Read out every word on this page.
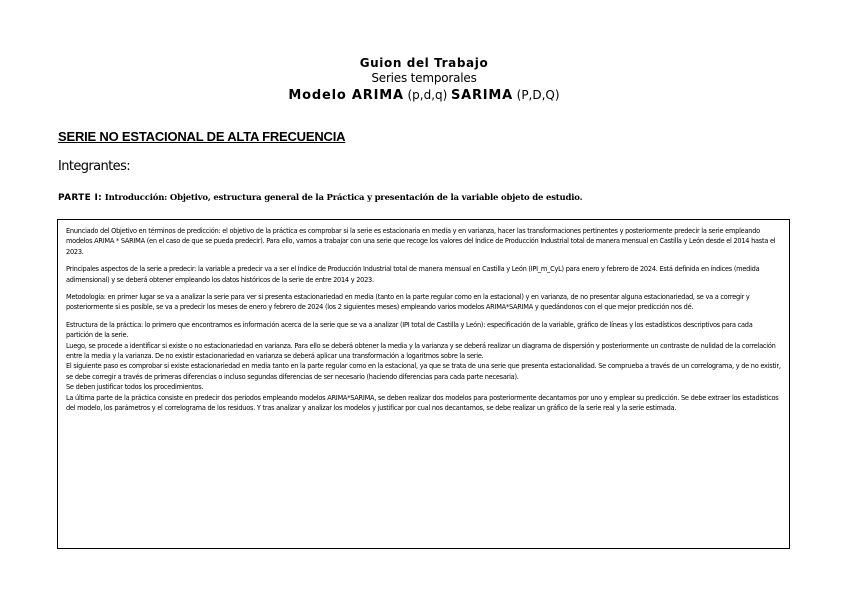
Guion del Trabajo
Series temporales
Modelo ARIMA (p,d,q) SARIMA (P,D,Q)
SERIE NO ESTACIONAL DE ALTA FRECUENCIA
Integrantes:
PARTE I: Introducción: Objetivo, estructura general de la Práctica y presentación de la variable objeto de estudio.

Enunciado del Objetivo en términos de predicción: el objetivo de la práctica es comprobar si la serie es estacionaria en media y en varianza, hacer las transformaciones pertinentes y posteriormente predecir la serie empleando modelos ARIMA * SARIMA (en el caso de que se pueda predecir). Para ello, vamos a trabajar con una serie que recoge los valores del Índice de Producción Industrial total de manera mensual en Castilla y León desde el 2014 hasta el 2023.

Principales aspectos de la serie a predecir: la variable a predecir va a ser el Índice de Producción Industrial total de manera mensual en Castilla y León (IPI_m_CyL) para enero y febrero de 2024. Está definida en índices (medida adimensional) y se deberá obtener empleando los datos históricos de la serie de entre 2014 y 2023.

Metodología: en primer lugar se va a analizar la serie para ver si presenta estacionariedad en media (tanto en la parte regular como en la estacional) y en varianza, de no presentar alguna estacionariedad, se va a corregir y posteriormente si es posible, se va a predecir los meses de enero y febrero de 2024 (los 2 siguientes meses) empleando varios modelos ARIMA*SARIMA y quedándonos con el que mejor predicción nos dé.

Estructura de la práctica: lo primero que encontramos es información acerca de la serie que se va a analizar (IPI total de Castilla y León): especificación de la variable, gráfico de líneas y los estadísticos descriptivos para cada partición de la serie.

Luego, se procede a identificar si existe o no estacionariedad en varianza. Para ello se deberá obtener la media y la varianza y se deberá realizar un diagrama de dispersión y posteriormente un contraste de nulidad de la correlación entre la media y la varianza. De no existir estacionariedad en varianza se deberá aplicar una transformación a logaritmos sobre la serie.

El siguiente paso es comprobar si existe estacionariedad en media tanto en la parte regular como en la estacional, ya que se trata de una serie que presenta estacionalidad. Se comprueba a través de un correlograma, y de no existir, se debe corregir a través de primeras diferencias o incluso segundas diferencias de ser necesario (haciendo diferencias para cada parte necesaria).

Se deben justificar todos los procedimientos.

La última parte de la práctica consiste en predecir dos periodos empleando modelos ARIMA*SARIMA, se deben realizar dos modelos para posteriormente decantarnos por uno y emplear su predicción. Se debe extraer los estadísticos del modelo, los parámetros y el correlograma de los residuos. Y tras analizar y analizar los modelos y justificar por cual nos decantamos, se debe realizar un gráfico de la serie real y la serie estimada.
